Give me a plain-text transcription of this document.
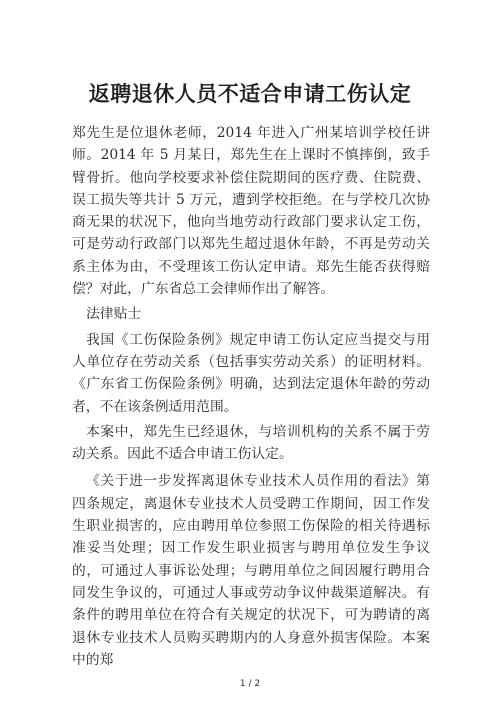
返聘退休人员不适合申请工伤认定

郑先生是位退休老师，2014 年进入广州某培训学校任讲师。2014 年 5 月某日，郑先生在上课时不慎摔倒，致手臂骨折。他向学校要求补偿住院期间的医疗费、住院费、误工损失等共计 5 万元，遭到学校拒绝。在与学校几次协商无果的状况下，他向当地劳动行政部门要求认定工伤，可是劳动行政部门以郑先生超过退休年龄，不再是劳动关系主体为由，不受理该工伤认定申请。郑先生能否获得赔偿？对此，广东省总工会律师作出了解答。

法律贴士

我国《工伤保险条例》规定申请工伤认定应当提交与用人单位存在劳动关系（包括事实劳动关系）的证明材料。《广东省工伤保险条例》明确，达到法定退休年龄的劳动者，不在该条例适用范围。

本案中，郑先生已经退休，与培训机构的关系不属于劳动关系。因此不适合申请工伤认定。

《关于进一步发挥离退休专业技术人员作用的看法》第四条规定，离退休专业技术人员受聘工作期间，因工作发生职业损害的，应由聘用单位参照工伤保险的相关待遇标准妥当处理；因工作发生职业损害与聘用单位发生争议的，可通过人事诉讼处理；与聘用单位之间因履行聘用合同发生争议的，可通过人事或劳动争议仲裁渠道解决。有条件的聘用单位在符合有关规定的状况下，可为聘请的离退休专业技术人员购买聘期内的人身意外损害保险。本案中的郑

1 / 2
